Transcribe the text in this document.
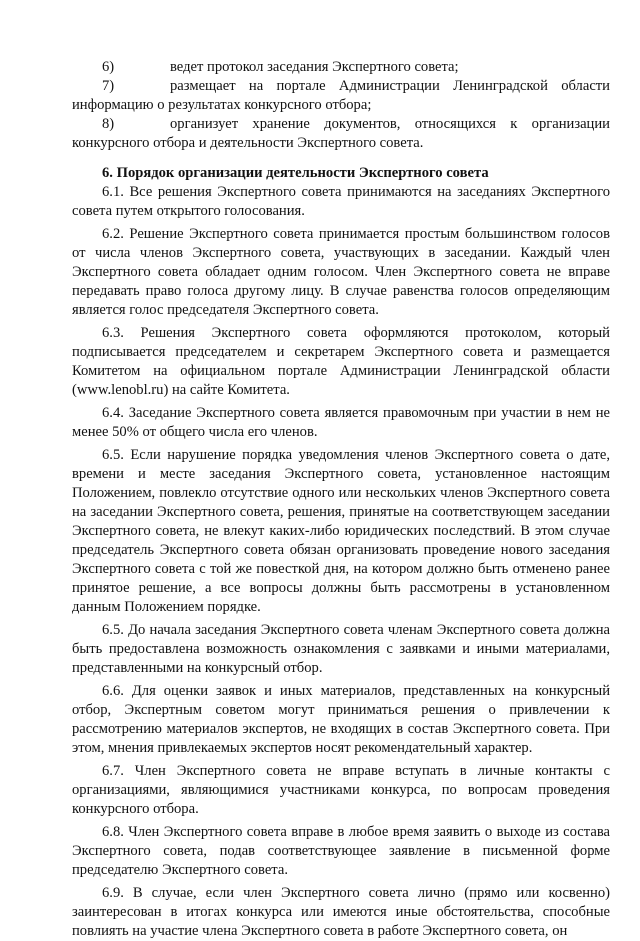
6)	ведет протокол заседания Экспертного совета;
7)	размещает на портале Администрации Ленинградской области

информацию о результатах конкурсного отбора;

8)	организует хранение документов, относящихся к организации

конкурсного отбора и деятельности Экспертного совета.

6. Порядок организации деятельности Экспертного совета

6.1. Все решения Экспертного совета принимаются на заседаниях Экспертного совета путем открытого голосования.

6.2. Решение Экспертного совета принимается простым большинством голосов от числа членов Экспертного совета, участвующих в заседании. Каждый член Экспертного совета обладает одним голосом. Член Экспертного совета не вправе передавать право голоса другому лицу. В случае равенства голосов определяющим является голос председателя Экспертного совета.

6.3. Решения Экспертного совета оформляются протоколом, который подписывается председателем и секретарем Экспертного совета и размещается Комитетом на официальном портале Администрации Ленинградской области (www.lenobl.ru) на сайте Комитета.

6.4. Заседание Экспертного совета является правомочным при участии в нем не менее 50% от общего числа его членов.

6.5. Если нарушение порядка уведомления членов Экспертного совета о дате, времени и месте заседания Экспертного совета, установленное настоящим Положением, повлекло отсутствие одного или нескольких членов Экспертного совета на заседании Экспертного совета, решения, принятые на соответствующем заседании Экспертного совета, не влекут каких-либо юридических последствий. В этом случае председатель Экспертного совета обязан организовать проведение нового заседания Экспертного совета с той же повесткой дня, на котором должно быть отменено ранее принятое решение, а все вопросы должны быть рассмотрены в установленном данным Положением порядке.

6.5. До начала заседания Экспертного совета членам Экспертного совета должна быть предоставлена возможность ознакомления с заявками и иными материалами, представленными на конкурсный отбор.

6.6. Для оценки заявок и иных материалов, представленных на конкурсный отбор, Экспертным советом могут приниматься решения о привлечении к рассмотрению материалов экспертов, не входящих в состав Экспертного совета. При этом, мнения привлекаемых экспертов носят рекомендательный характер.

6.7. Член Экспертного совета не вправе вступать в личные контакты с организациями, являющимися участниками конкурса, по вопросам проведения конкурсного отбора.

6.8. Член Экспертного совета вправе в любое время заявить о выходе из состава Экспертного совета, подав соответствующее заявление в письменной форме председателю Экспертного совета.

6.9. В случае, если член Экспертного совета лично (прямо или косвенно) заинтересован в итогах конкурса или имеются иные обстоятельства, способные повлиять на участие члена Экспертного совета в работе Экспертного совета, он
